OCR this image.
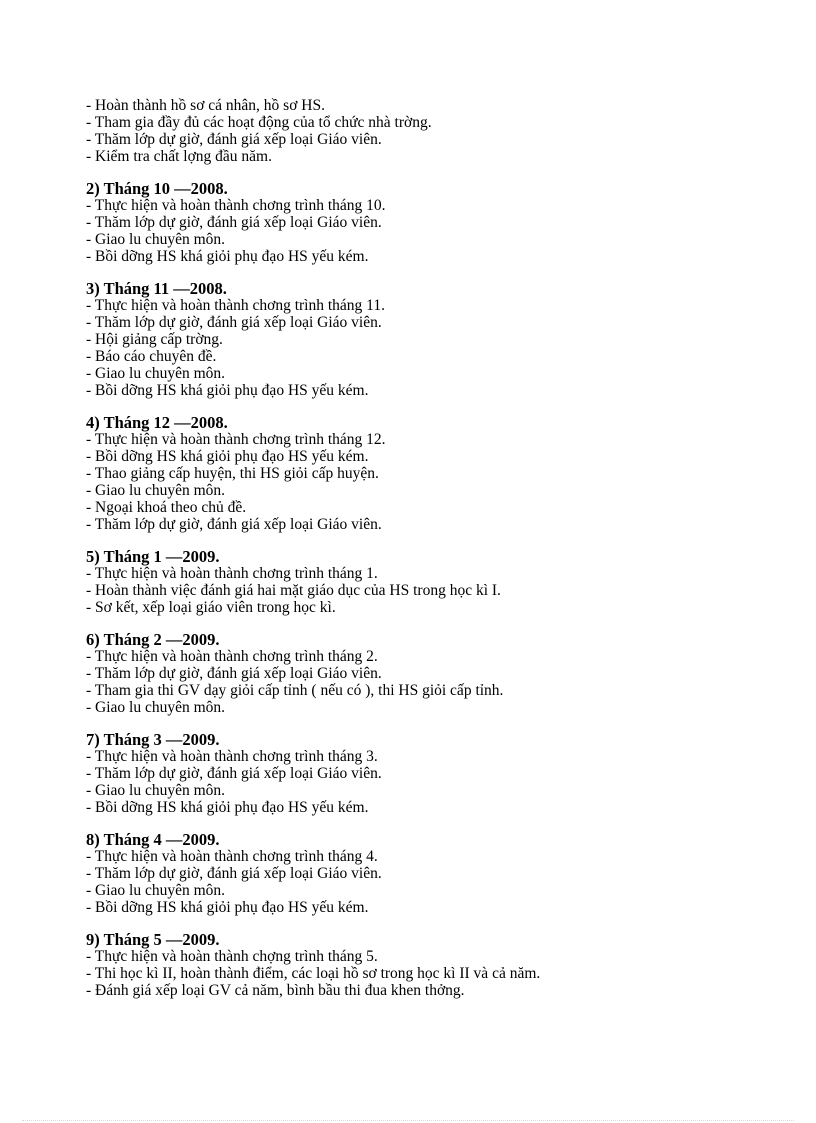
- Hoàn thành hồ sơ cá nhân, hồ sơ HS.
- Tham gia đầy đủ các hoạt động của tổ chức nhà trờng.
- Thăm lớp dự giờ, đánh giá xếp loại Giáo viên.
- Kiểm tra chất lợng đầu năm.
2) Tháng 10 —2008.
- Thực hiện và hoàn thành chơng trình tháng 10.
- Thăm lớp dự giờ, đánh giá xếp loại Giáo viên.
- Giao lu chuyên môn.
- Bồi dỡng HS khá giỏi phụ đạo HS yếu kém.
3) Tháng 11 —2008.
- Thực hiện và hoàn thành chơng trình tháng 11.
- Thăm lớp dự giờ, đánh giá xếp loại Giáo viên.
- Hội giảng cấp trờng.
- Báo cáo chuyên đề.
- Giao lu chuyên môn.
- Bồi dỡng HS khá giỏi phụ đạo HS yếu kém.
4) Tháng 12 —2008.
- Thực hiện và hoàn thành chơng trình tháng 12.
- Bồi dỡng HS khá giỏi phụ đạo HS yếu kém.
- Thao giảng cấp huyện, thi HS giỏi cấp huyện.
- Giao lu chuyên môn.
- Ngoại khoá theo chủ đề.
- Thăm lớp dự giờ, đánh giá xếp loại Giáo viên.
5) Tháng 1 —2009.
- Thực hiện và hoàn thành chơng trình tháng 1.
- Hoàn thành việc đánh giá hai mặt giáo dục của HS trong học kì I.
- Sơ kết, xếp loại giáo viên trong học kì.
6) Tháng 2 —2009.
- Thực hiện và hoàn thành chơng trình tháng 2.
- Thăm lớp dự giờ, đánh giá xếp loại Giáo viên.
- Tham gia thi GV dạy giỏi cấp tỉnh ( nếu có ), thi HS giỏi cấp tỉnh.
- Giao lu chuyên môn.
7) Tháng 3 —2009.
- Thực hiện và hoàn thành chơng trình tháng 3.
- Thăm lớp dự giờ, đánh giá xếp loại Giáo viên.
- Giao lu chuyên môn.
- Bồi dỡng HS khá giỏi phụ đạo HS yếu kém.
8) Tháng 4 —2009.
- Thực hiện và hoàn thành chơng trình tháng 4.
- Thăm lớp dự giờ, đánh giá xếp loại Giáo viên.
- Giao lu chuyên môn.
- Bồi dỡng HS khá giỏi phụ đạo HS yếu kém.
9) Tháng 5 —2009.
- Thực hiện và hoàn thành chợng trình tháng 5.
- Thi học kì II, hoàn thành điểm, các loại hồ sơ trong học kì II và cả năm.
- Đánh giá xếp loại GV cả năm, bình bầu thi đua khen thởng.
